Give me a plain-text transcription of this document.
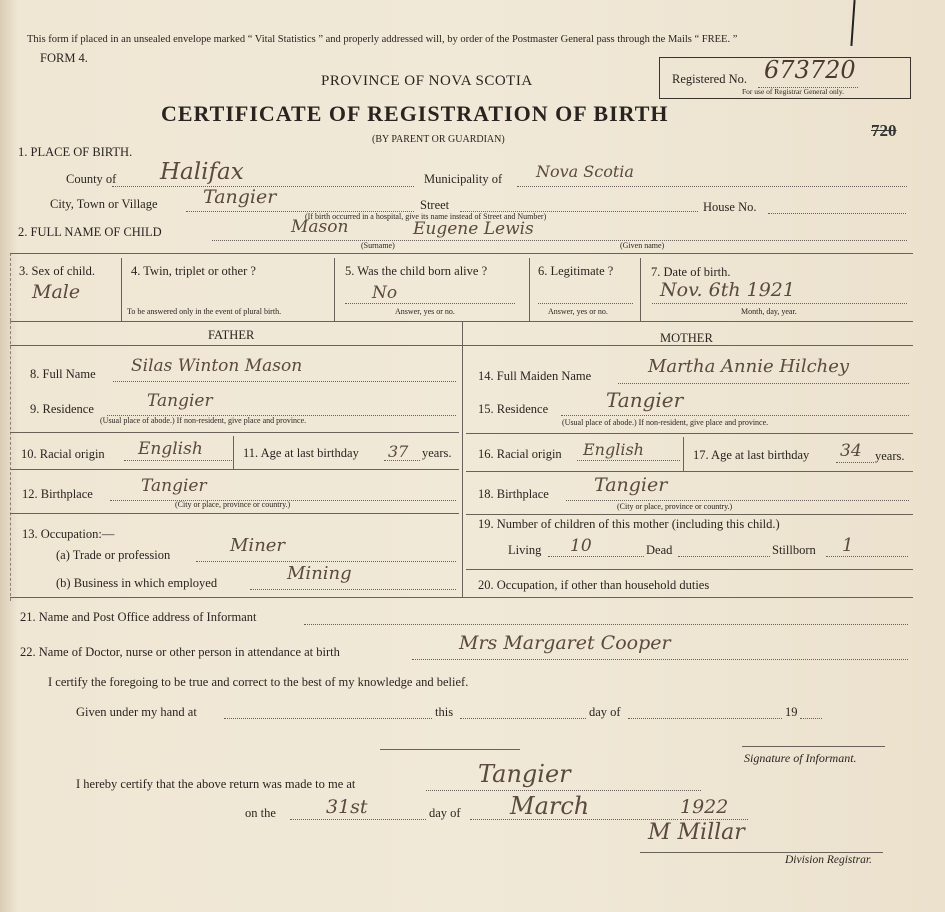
This form if placed in an unsealed envelope marked “ Vital Statistics ” and properly addressed will, by order of the Postmaster General pass through the Mails “ FREE. ”
FORM 4.
PROVINCE OF NOVA SCOTIA
CERTIFICATE OF REGISTRATION OF BIRTH
(BY PARENT OR GUARDIAN)
Registered No. 673720
For use of Registrar General only.
720
1. PLACE OF BIRTH.
County of Halifax	Municipality of Nova Scotia
City, Town or Village Tangier	Street	House No.
(If birth occurred in a hospital, give its name instead of Street and Number)
2. FULL NAME OF CHILD	Mason	Eugene Lewis
(Surname)	(Given name)
3. Sex of child.
Male
4. Twin, triplet or other ?
To be answered only in the event of plural birth.
5. Was the child born alive ?
No
Answer, yes or no.
6. Legitimate ?
Answer, yes or no.
7. Date of birth.
Nov. 6th 1921
Month, day, year.
FATHER	MOTHER
8. Full Name Silas Winton Mason
9. Residence	Tangier
(Usual place of abode.) If non-resident, give place and province.
10. Racial origin English	11. Age at last birthday 37 years.
12. Birthplace	Tangier
(City or place, province or country.)
13. Occupation:—
(a) Trade or profession	Miner
(b) Business in which employed	Mining
14. Full Maiden Name	Martha Annie Hilchey
15. Residence	Tangier
(Usual place of abode.) If non-resident, give place and province.
16. Racial origin English	17. Age at last birthday 34 years.
18. Birthplace Tangier
(City or place, province or country.)
19. Number of children of this mother (including this child.)
Living 10	Dead	Stillborn 1
20. Occupation, if other than household duties
21. Name and Post Office address of Informant
22. Name of Doctor, nurse or other person in attendance at birth	Mrs Margaret Cooper
I certify the foregoing to be true and correct to the best of my knowledge and belief.
Given under my hand at	this	day of	19
Signature of Informant.
I hereby certify that the above return was made to me at	Tangier
on the	31st	day of March	1922
M Millar
Division Registrar.
